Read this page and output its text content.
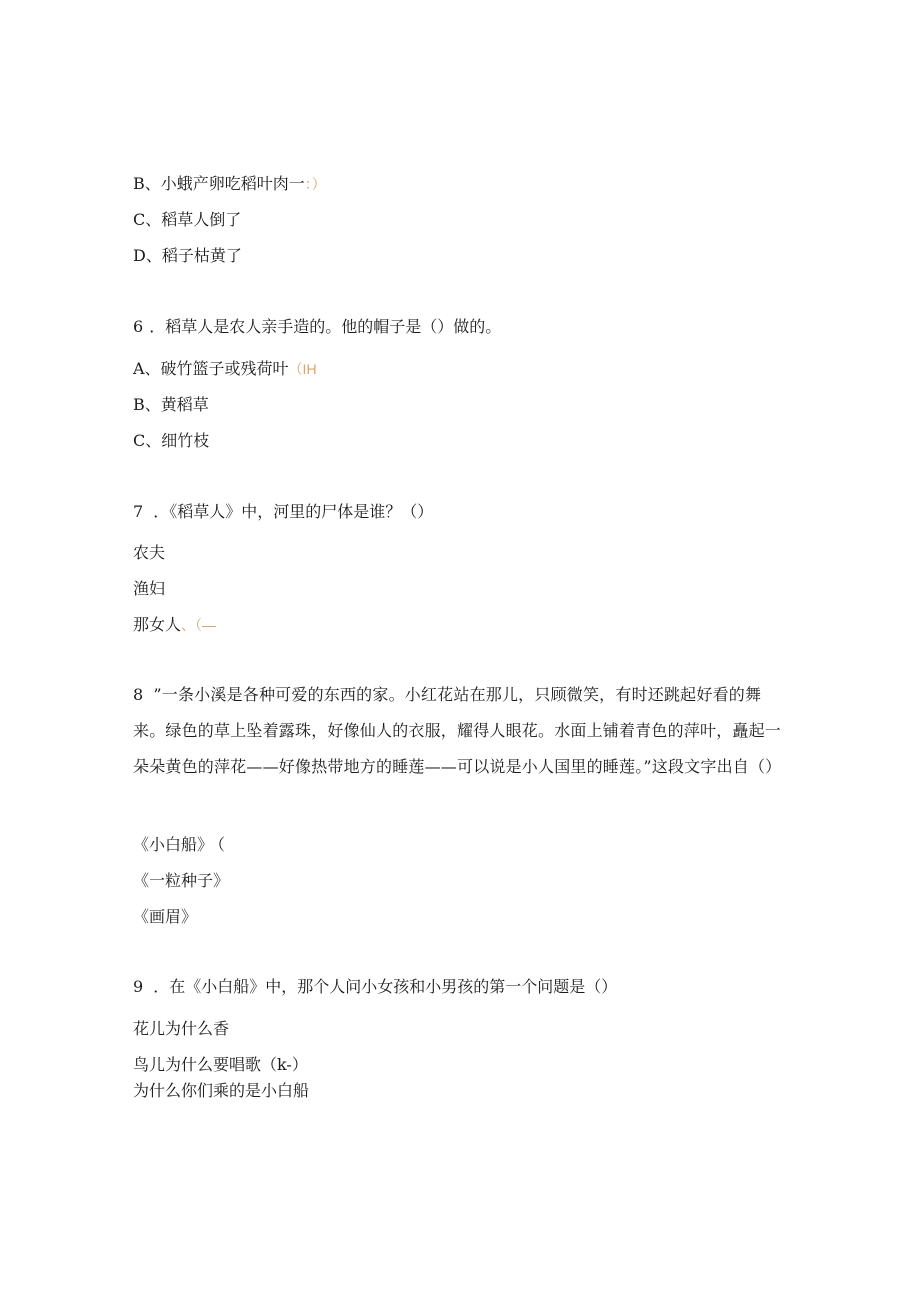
B、小蛾产卵吃稻叶肉一：）
C、稻草人倒了
D、稻子枯黄了
6 ．稻草人是农人亲手造的。他的帽子是（）做的。
A、破竹篮子或残荷叶（IH
B、黄稻草
C、细竹枝
7 ．《稻草人》中，河里的尸体是谁？（）
农夫
渔妇
那女人、（—
8 ”一条小溪是各种可爱的东西的家。小红花站在那儿，只顾微笑，有时还跳起好看的舞来。绿色的草上坠着露珠，好像仙人的衣服，耀得人眼花。水面上铺着青色的萍叶，矗起一朵朵黄色的萍花——好像热带地方的睡莲——可以说是小人国里的睡莲。”这段文字出自（）
《小白船》 （
《一粒种子》
《画眉》
9 ．在《小白船》中，那个人问小女孩和小男孩的第一个问题是（）
花儿为什么香
鸟儿为什么要唱歌（k-）
为什么你们乘的是小白船
